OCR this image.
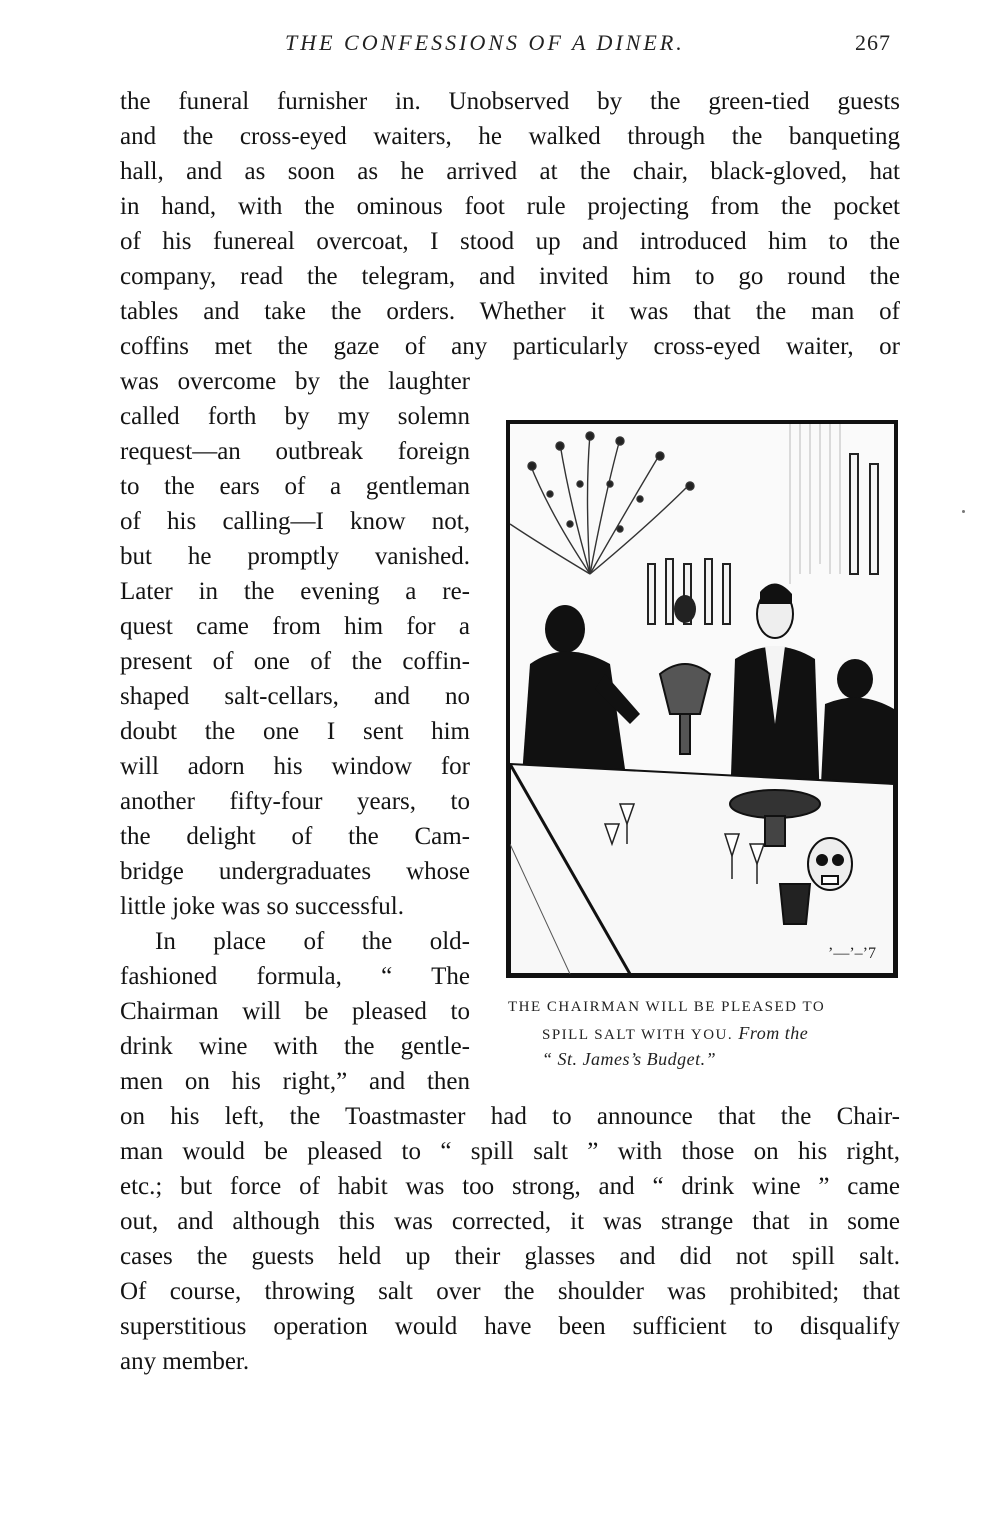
THE CONFESSIONS OF A DINER.	267
the funeral furnisher in. Unobserved by the green-tied guests
and the cross-eyed waiters, he walked through the banqueting
hall, and as soon as he arrived at the chair, black-gloved, hat
in hand, with the ominous foot rule projecting from the pocket
of his funereal overcoat, I stood up and introduced him to the
company, read the telegram, and invited him to go round the
tables and take the orders. Whether it was that the man of
coffins met the gaze of any particularly cross-eyed waiter, or
was overcome by the laughter
called forth by my solemn
request—an outbreak foreign
to the ears of a gentleman
of his calling—I know not,
but he promptly vanished.
Later in the evening a re-
quest came from him for a
present of one of the coffin-
shaped salt-cellars, and no
doubt the one I sent him
will adorn his window for
another fifty-four years, to
the delight of the Cam-
bridge undergraduates whose
little joke was so successful.
In place of the old-
fashioned formula, “ The
Chairman will be pleased to
drink wine with the gentle-
men on his right,” and then
on his left, the Toastmaster had to announce that the Chair-
man would be pleased to “ spill salt ” with those on his right,
etc.; but force of habit was too strong, and “ drink wine ” came
out, and although this was corrected, it was strange that in some
cases the guests held up their glasses and did not spill salt.
Of course, throwing salt over the shoulder was prohibited; that
superstitious operation would have been sufficient to disqualify
any member.
ʼ—ʼ–ʼ7
THE CHAIRMAN WILL BE PLEASED TO
SPILL SALT WITH YOU. From the
“ St. James’s Budget.”
